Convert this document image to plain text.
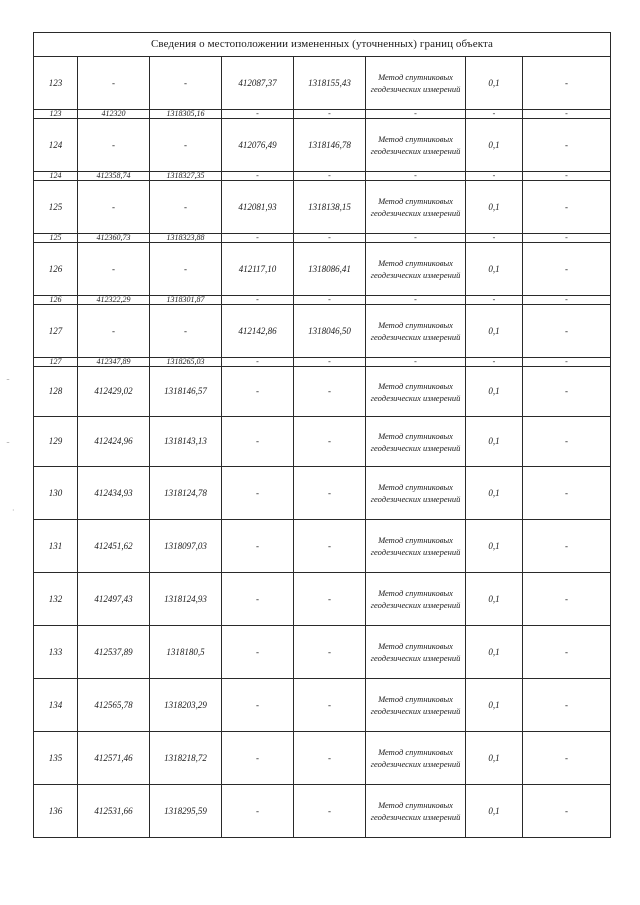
Сведения о местоположении измененных (уточненных) границ объекта							
123	-	-	412087,37	1318155,43	Метод спутниковых геодезических измерений	0,1	-
123	412320	1318305,16	-	-	-	-	-
124	-	-	412076,49	1318146,78	Метод спутниковых геодезических измерений	0,1	-
124	412358,74	1318327,35	-	-	-	-	-
125	-	-	412081,93	1318138,15	Метод спутниковых геодезических измерений	0,1	-
125	412360,73	1318323,88	-	-	-	-	-
126	-	-	412117,10	1318086,41	Метод спутниковых геодезических измерений	0,1	-
126	412322,29	1318301,87	-	-	-	-	-
127	-	-	412142,86	1318046,50	Метод спутниковых геодезических измерений	0,1	-
127	412347,89	1318265,03	-	-	-	-	-
128	412429,02	1318146,57	-	-	Метод спутниковых геодезических измерений	0,1	-
129	412424,96	1318143,13	-	-	Метод спутниковых геодезических измерений	0,1	-
130	412434,93	1318124,78	-	-	Метод спутниковых геодезических измерений	0,1	-
131	412451,62	1318097,03	-	-	Метод спутниковых геодезических измерений	0,1	-
132	412497,43	1318124,93	-	-	Метод спутниковых геодезических измерений	0,1	-
133	412537,89	1318180,5	-	-	Метод спутниковых геодезических измерений	0,1	-
134	412565,78	1318203,29	-	-	Метод спутниковых геодезических измерений	0,1	-
135	412571,46	1318218,72	-	-	Метод спутниковых геодезических измерений	0,1	-
136	412531,66	1318295,59	-	-	Метод спутниковых геодезических измерений	0,1	-
˜
˜
·
